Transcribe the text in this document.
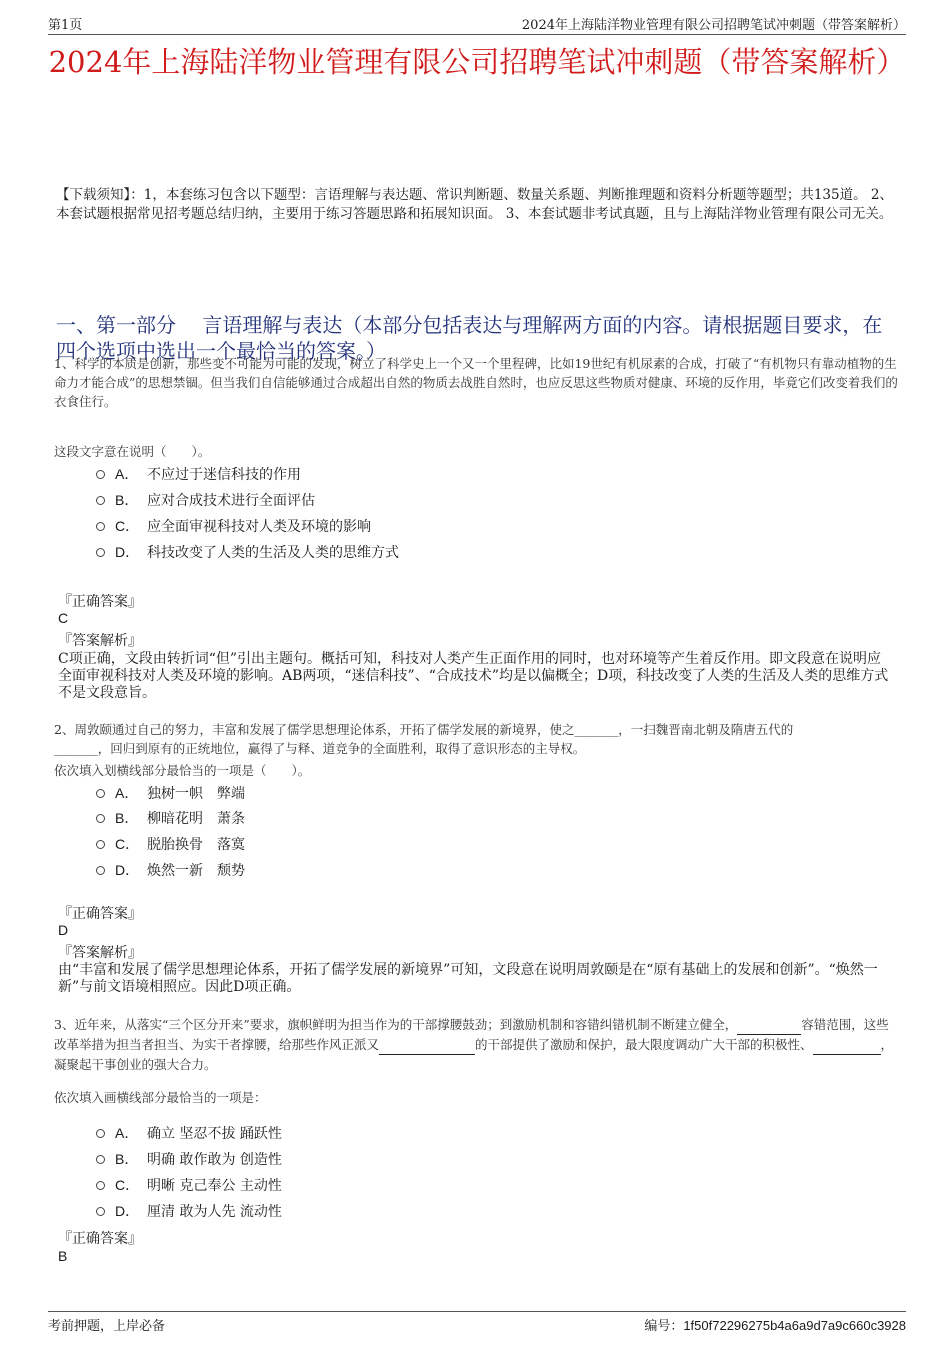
第1页	2024年上海陆洋物业管理有限公司招聘笔试冲刺题（带答案解析）
2024年上海陆洋物业管理有限公司招聘笔试冲刺题（带答案解析）
【下载须知】：1，本套练习包含以下题型：言语理解与表达题、常识判断题、数量关系题、判断推理题和资料分析题等题型；共135道。 2、本套试题根据常见招考题总结归纳，主要用于练习答题思路和拓展知识面。 3、本套试题非考试真题，且与上海陆洋物业管理有限公司无关。
一、第一部分　 言语理解与表达（本部分包括表达与理解两方面的内容。请根据题目要求，在四个选项中选出一个最恰当的答案。）
1、科学的本质是创新，那些变不可能为可能的发现，树立了科学史上一个又一个里程碑，比如19世纪有机尿素的合成，打破了“有机物只有靠动植物的生命力才能合成”的思想禁锢。但当我们自信能够通过合成超出自然的物质去战胜自然时，也应反思这些物质对健康、环境的反作用，毕竟它们改变着我们的衣食住行。
这段文字意在说明（　　）。
A． 不应过于迷信科技的作用
B． 应对合成技术进行全面评估
C． 应全面审视科技对人类及环境的影响
D． 科技改变了人类的生活及人类的思维方式
『正确答案』
C
『答案解析』
C项正确，文段由转折词“但”引出主题句。概括可知，科技对人类产生正面作用的同时，也对环境等产生着反作用。即文段意在说明应全面审视科技对人类及环境的影响。AB两项，“迷信科技”、“合成技术”均是以偏概全；D项，科技改变了人类的生活及人类的思维方式不是文段意旨。
2、周敦颐通过自己的努力，丰富和发展了儒学思想理论体系，开拓了儒学发展的新境界，使之_______，一扫魏晋南北朝及隋唐五代的
_______，回归到原有的正统地位，赢得了与释、道竞争的全面胜利，取得了意识形态的主导权。
依次填入划横线部分最恰当的一项是（　　）。
A． 独树一帜　弊端
B． 柳暗花明　萧条
C． 脱胎换骨　落寞
D． 焕然一新　颓势
『正确答案』
D
『答案解析』
由“丰富和发展了儒学思想理论体系，开拓了儒学发展的新境界”可知，文段意在说明周敦颐是在“原有基础上的发展和创新”。“焕然一新”与前文语境相照应。因此D项正确。
3、近年来，从落实“三个区分开来”要求，旗帜鲜明为担当作为的干部撑腰鼓劲；到激励机制和容错纠错机制不断建立健全，	容错范围，这些改革举措为担当者担当、为实干者撑腰，给那些作风正派又	的干部提供了激励和保护，最大限度调动广大干部的积极性、	，凝聚起干事创业的强大合力。
依次填入画横线部分最恰当的一项是：
A． 确立 坚忍不拔 踊跃性
B． 明确 敢作敢为 创造性
C． 明晰 克己奉公 主动性
D． 厘清 敢为人先 流动性
『正确答案』
B
考前押题，上岸必备	编号：1f50f72296275b4a6a9d7a9c660c3928
